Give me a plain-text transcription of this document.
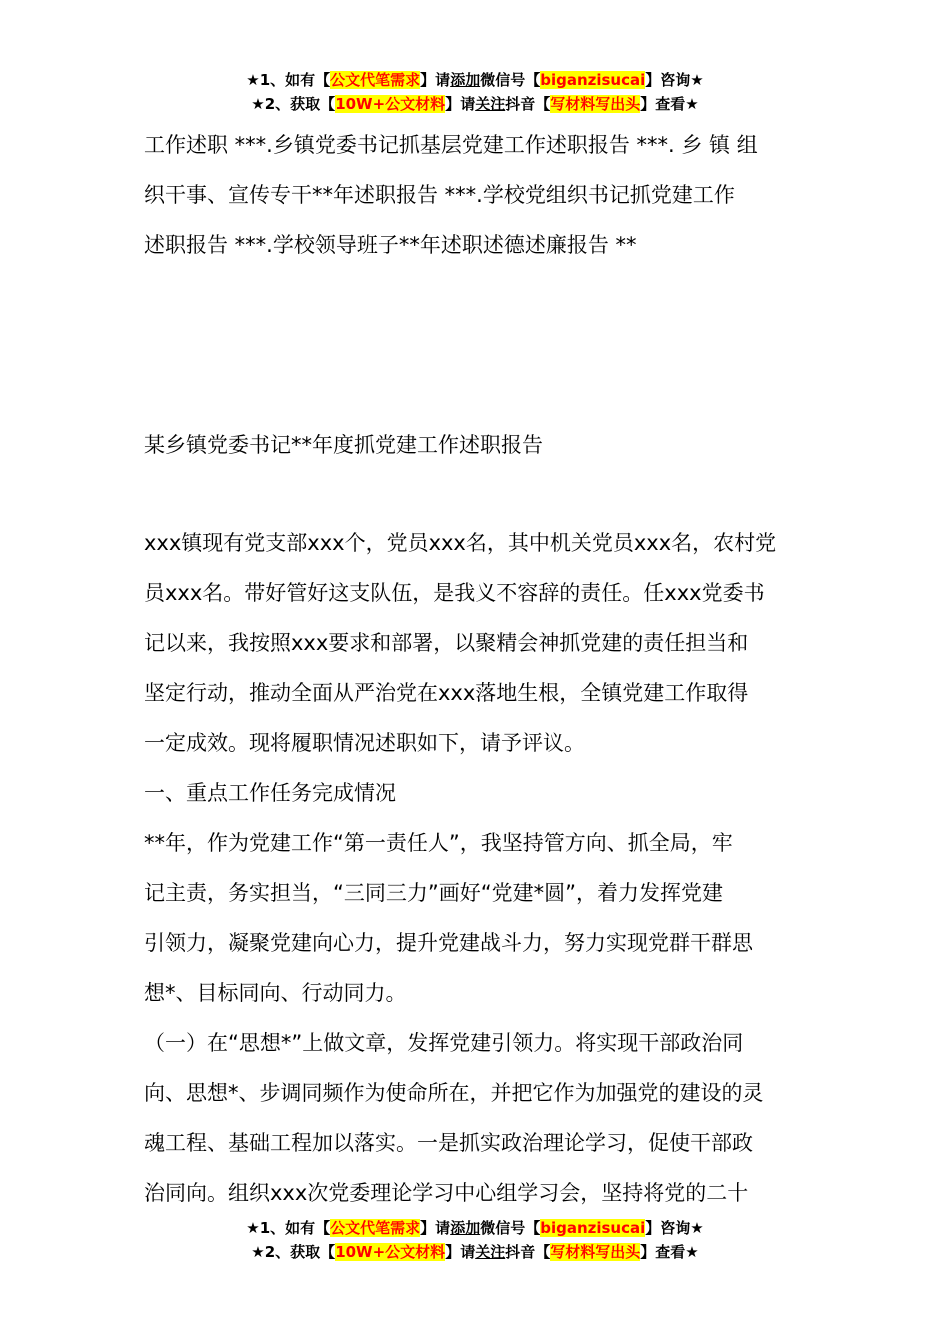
★1、如有【公文代笔需求】请添加微信号【biganzisucai】咨询★
★2、获取【10W+公文材料】请关注抖音【写材料写出头】查看★

工作述职 ***.乡镇党委书记抓基层党建工作述职报告 ***. 乡 镇 组

织干事、宣传专干**年述职报告 ***.学校党组织书记抓党建工作

述职报告 ***.学校领导班子**年述职述德述廉报告 **

某乡镇党委书记**年度抓党建工作述职报告

xxx镇现有党支部xxx个，党员xxx名，其中机关党员xxx名，农村党

员xxx名。带好管好这支队伍，是我义不容辞的责任。任xxx党委书

记以来，我按照xxx要求和部署，以聚精会神抓党建的责任担当和

坚定行动，推动全面从严治党在xxx落地生根，全镇党建工作取得

一定成效。现将履职情况述职如下，请予评议。

一、重点工作任务完成情况

**年，作为党建工作“第一责任人”，我坚持管方向、抓全局，牢

记主责，务实担当，“三同三力”画好“党建*圆”，着力发挥党建

引领力，凝聚党建向心力，提升党建战斗力，努力实现党群干群思

想*、目标同向、行动同力。

（一）在“思想*”上做文章，发挥党建引领力。将实现干部政治同

向、思想*、步调同频作为使命所在，并把它作为加强党的建设的灵

魂工程、基础工程加以落实。一是抓实政治理论学习，促使干部政

治同向。组织xxx次党委理论学习中心组学习会，坚持将党的二十

★1、如有【公文代笔需求】请添加微信号【biganzisucai】咨询★
★2、获取【10W+公文材料】请关注抖音【写材料写出头】查看★
